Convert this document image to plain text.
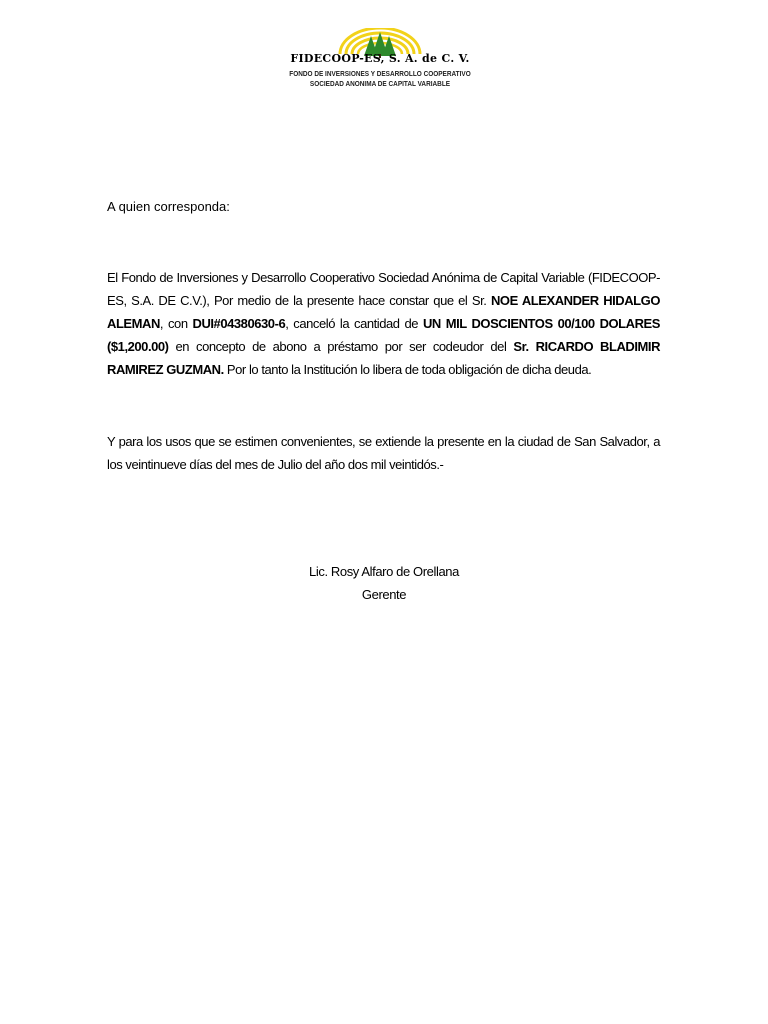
FIDECOOP-ES, S. A. de C. V.
FONDO DE INVERSIONES Y DESARROLLO COOPERATIVO
SOCIEDAD ANONIMA DE CAPITAL VARIABLE
A quien corresponda:
El Fondo de Inversiones y Desarrollo Cooperativo Sociedad Anónima de Capital Variable (FIDECOOP-ES, S.A. DE C.V.), Por medio de la presente hace constar que el Sr. NOE ALEXANDER HIDALGO ALEMAN, con DUI#04380630-6, canceló la cantidad de UN MIL DOSCIENTOS 00/100 DOLARES ($1,200.00) en concepto de abono a préstamo por ser codeudor del Sr. RICARDO BLADIMIR RAMIREZ GUZMAN. Por lo tanto la Institución lo libera de toda obligación de dicha deuda.
Y para los usos que se estimen convenientes, se extiende la presente en la ciudad de San Salvador, a los veintinueve días del mes de Julio del año dos mil veintidós.-
Lic. Rosy Alfaro de Orellana
Gerente
